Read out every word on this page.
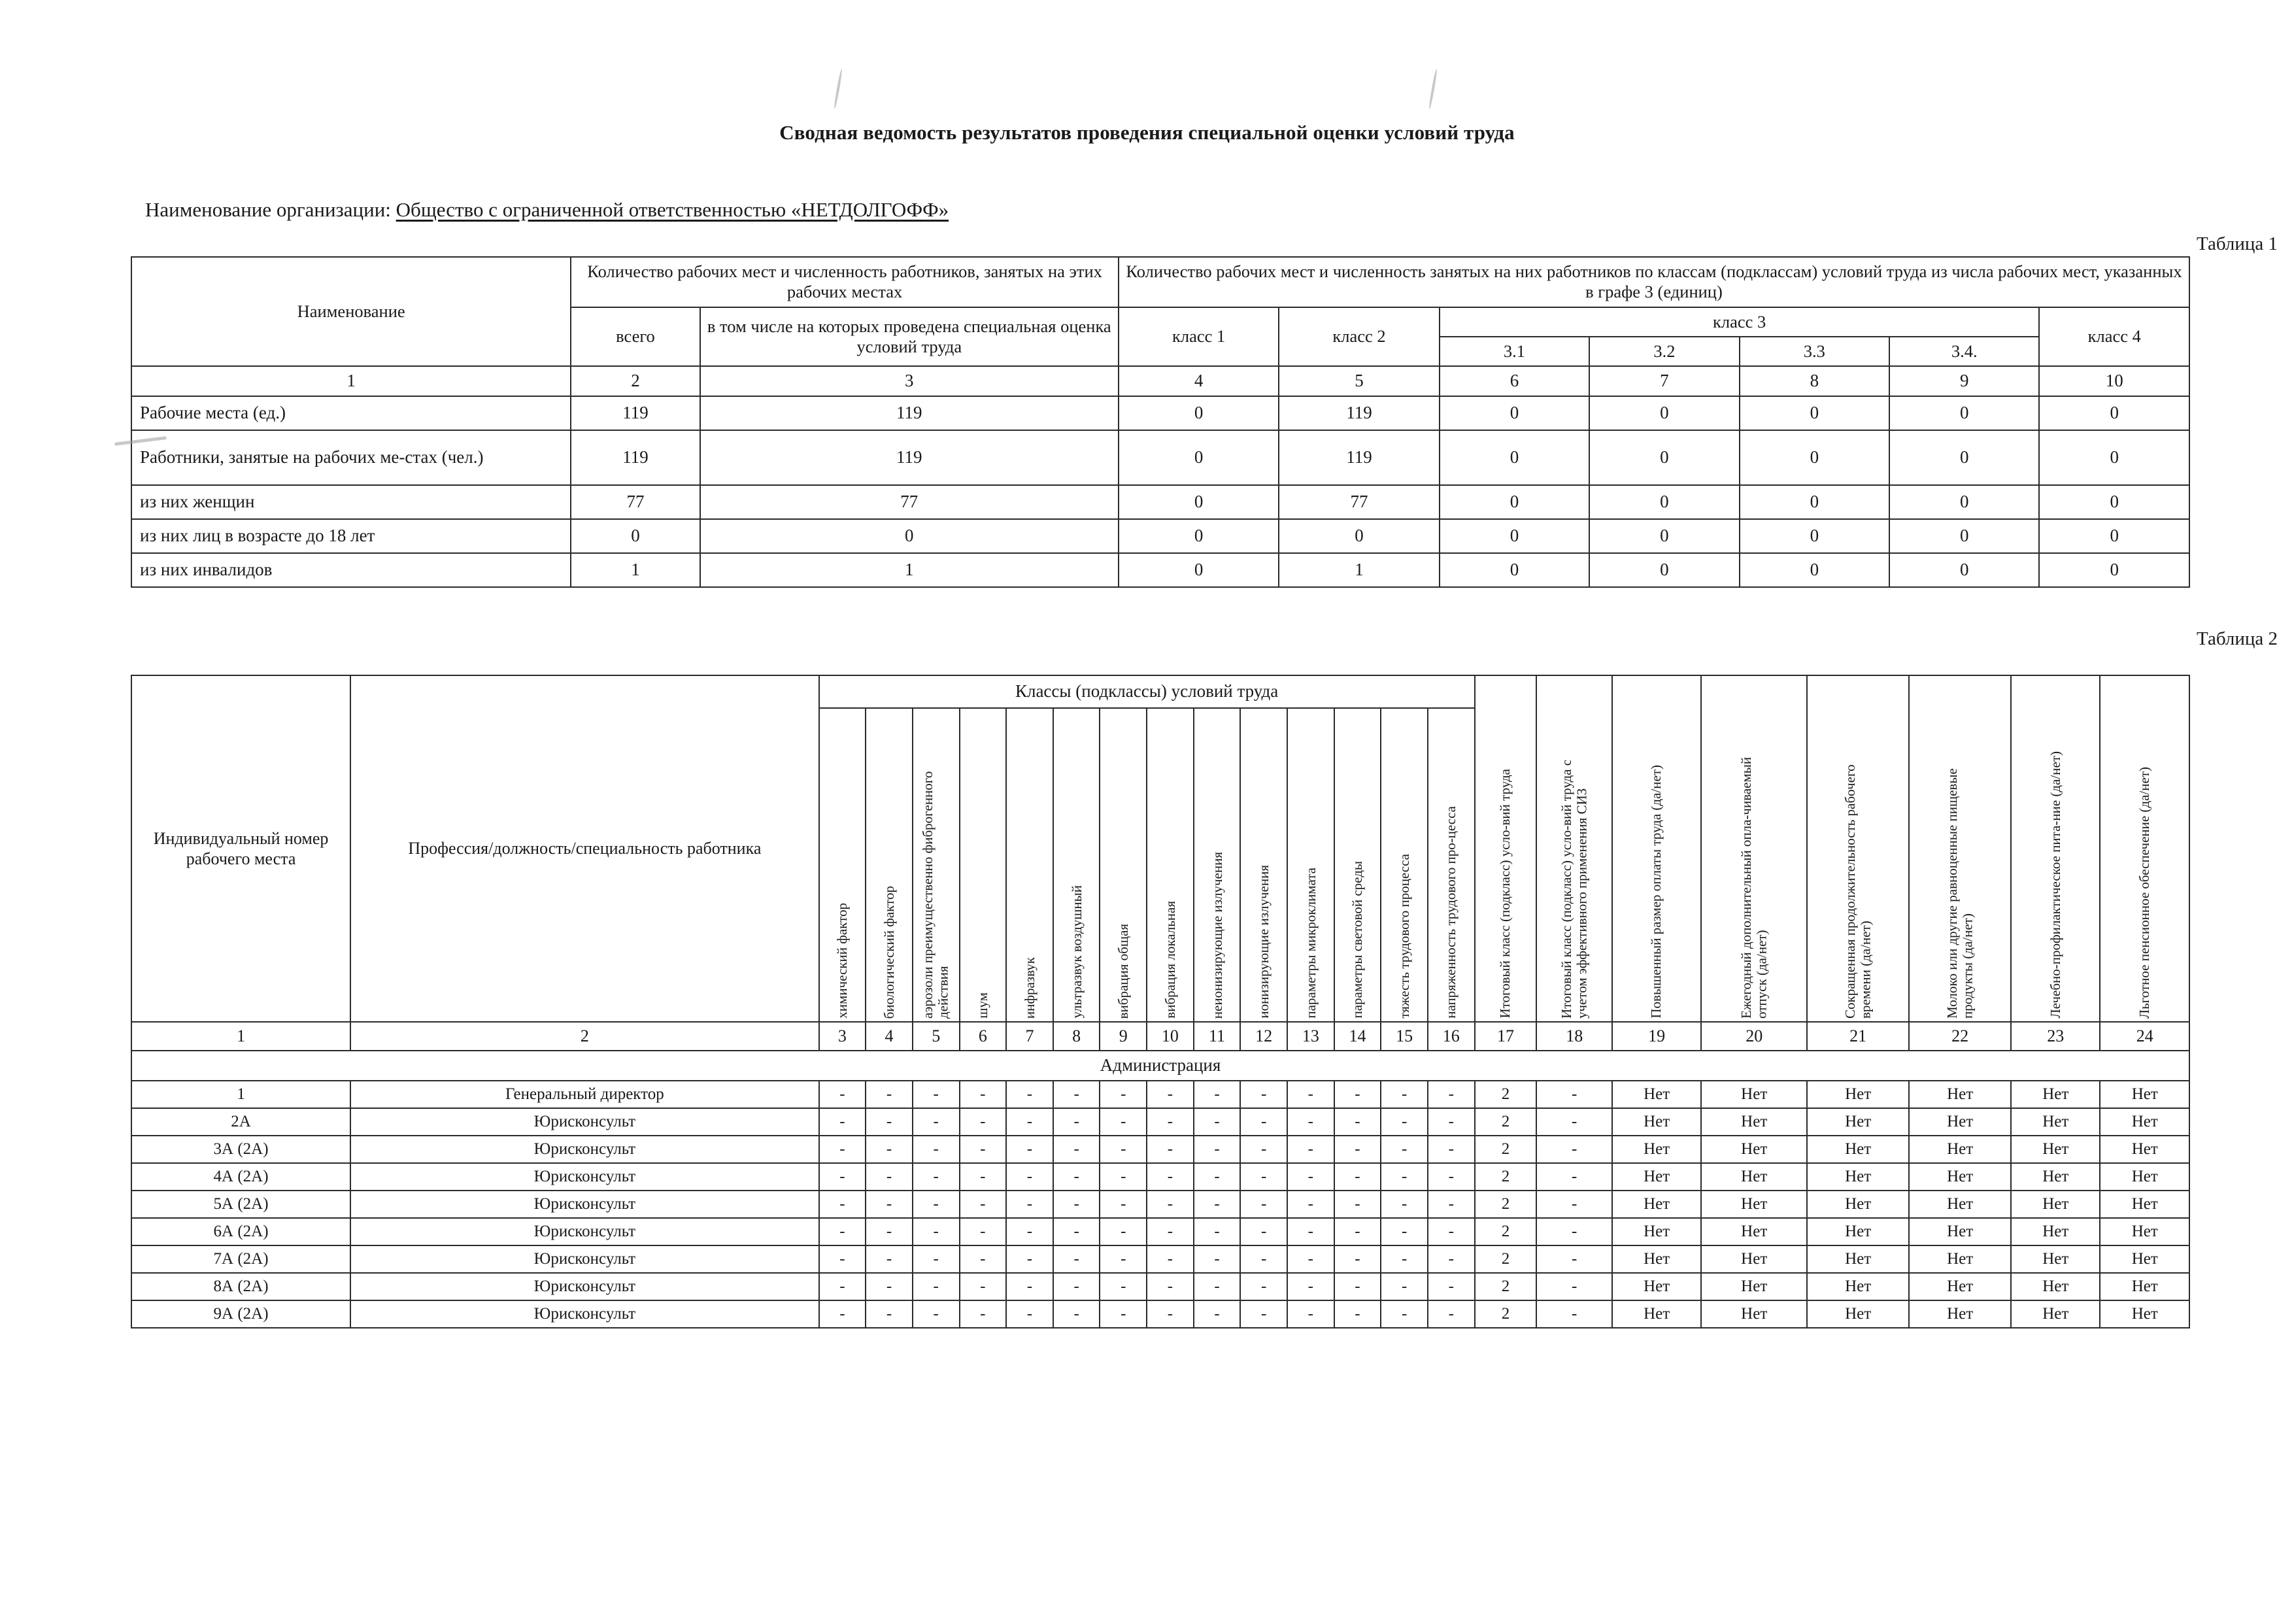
Сводная ведомость результатов проведения специальной оценки условий труда
Наименование организации: Общество с ограниченной ответственностью «НЕТДОЛГОФФ»
Таблица 1
Наименование	Количество рабочих мест и численность работников, занятых на этих рабочих местах		Количество рабочих мест и численность занятых на них работников по классам (подклассам) условий труда из числа рабочих мест, указанных в графе 3 (единиц)						
	всего	в том числе на которых проведена специальная оценка условий труда	класс 1	класс 2	класс 3				класс 4
					3.1	3.2	3.3	3.4.	
1	2	3	4	5	6	7	8	9	10
Рабочие места (ед.)	119	119	0	119	0	0	0	0	0
Работники, занятые на рабочих ме-стах (чел.)	119	119	0	119	0	0	0	0	0
из них женщин	77	77	0	77	0	0	0	0	0
из них лиц в возрасте до 18 лет	0	0	0	0	0	0	0	0	0
из них инвалидов	1	1	0	1	0	0	0	0	0
Таблица 2
Индивидуальный номер рабочего места	Профессия/должность/специальность работника	Классы (подклассы) условий труда														Итоговый класс (подкласс) усло-вий труда	Итоговый класс (подкласс) усло-вий труда с учетом эффективного применения СИЗ	Повышенный размер оплаты труда (да/нет)	Ежегодный дополнительный опла-чиваемый отпуск (да/нет)	Сокращенная продолжительность рабочего времени (да/нет)	Молоко или другие равноценные пищевые продукты (да/нет)	Лечебно-профилактическое пита-ние (да/нет)	Льготное пенсионное обеспечение (да/нет)

		химический фактор	биологический фактор	аэрозоли преимущественно фиброгенного действия	шум	инфразвук	ультразвук воздушный	вибрация общая	вибрация локальная	неионизирующие излучения	ионизирующие излучения	параметры микроклимата	параметры световой среды	тяжесть трудового процесса	напряженность трудового про-цесса								

1	2	3	4	5	6	7	8	9	10	11	12	13	14	15	16	17	18	19	20	21	22	23	24
Администрация																							
1	Генеральный директор	-	-	-	-	-	-	-	-	-	-	-	-	-	-	2	-	Нет	Нет	Нет	Нет	Нет	Нет
2А	Юрисконсульт	-	-	-	-	-	-	-	-	-	-	-	-	-	-	2	-	Нет	Нет	Нет	Нет	Нет	Нет
3А (2А)	Юрисконсульт	-	-	-	-	-	-	-	-	-	-	-	-	-	-	2	-	Нет	Нет	Нет	Нет	Нет	Нет
4А (2А)	Юрисконсульт	-	-	-	-	-	-	-	-	-	-	-	-	-	-	2	-	Нет	Нет	Нет	Нет	Нет	Нет
5А (2А)	Юрисконсульт	-	-	-	-	-	-	-	-	-	-	-	-	-	-	2	-	Нет	Нет	Нет	Нет	Нет	Нет
6А (2А)	Юрисконсульт	-	-	-	-	-	-	-	-	-	-	-	-	-	-	2	-	Нет	Нет	Нет	Нет	Нет	Нет
7А (2А)	Юрисконсульт	-	-	-	-	-	-	-	-	-	-	-	-	-	-	2	-	Нет	Нет	Нет	Нет	Нет	Нет
8А (2А)	Юрисконсульт	-	-	-	-	-	-	-	-	-	-	-	-	-	-	2	-	Нет	Нет	Нет	Нет	Нет	Нет
9А (2А)	Юрисконсульт	-	-	-	-	-	-	-	-	-	-	-	-	-	-	2	-	Нет	Нет	Нет	Нет	Нет	Нет
